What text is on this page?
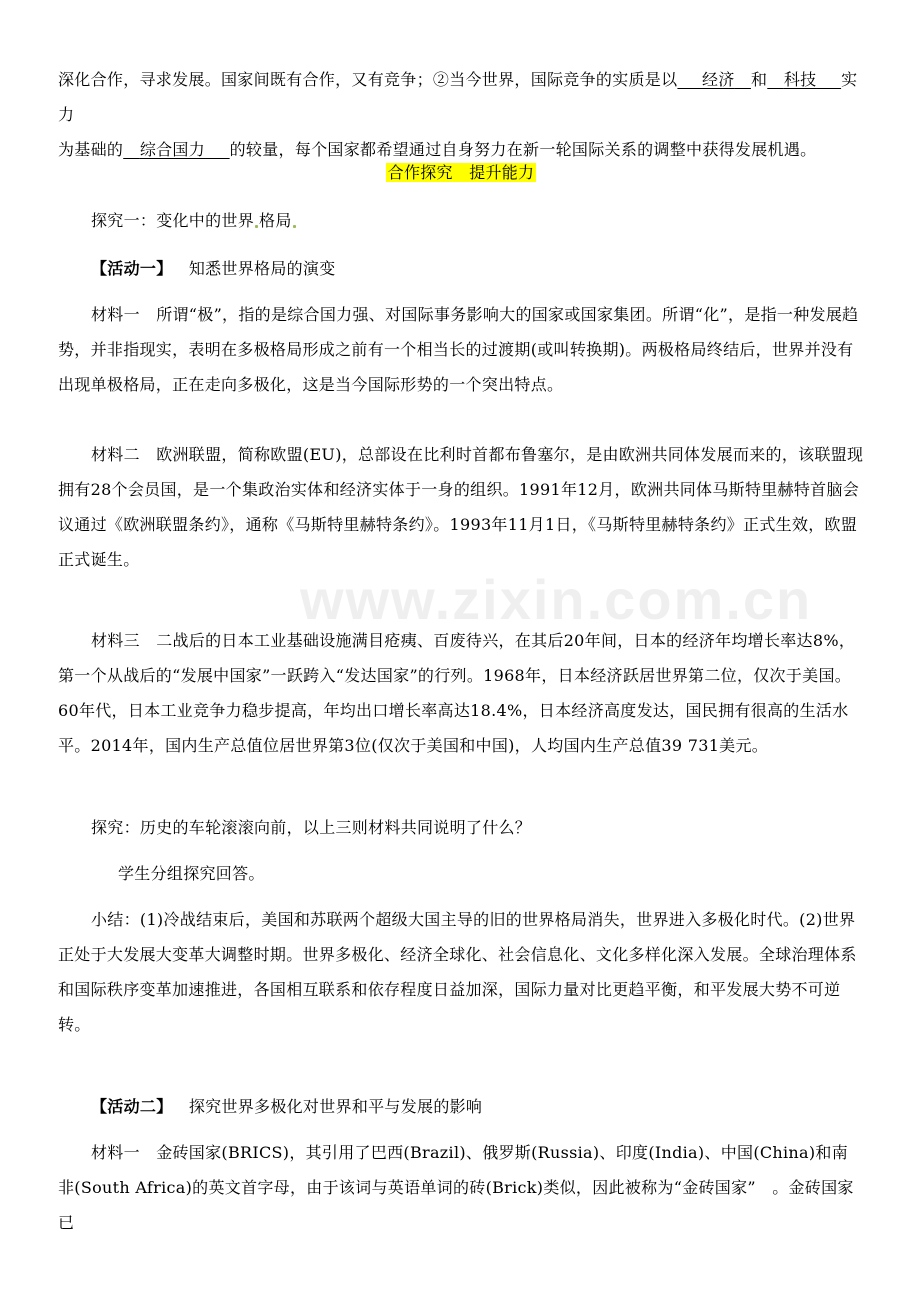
www.zixin.com.cn

深化合作，寻求发展。国家间既有合作，又有竞争；②当今世界，国际竞争的实质是以   经济  和   科技   实力
为基础的   综合国力   的较量，每个国家都希望通过自身努力在新一轮国际关系的调整中获得发展机遇。

合作探究　提升能力

探究一：变化中的世界 格局

【活动一】  知悉世界格局的演变

材料一　所谓“极”，指的是综合国力强、对国际事务影响大的国家或国家集团。所谓“化”，是指一种发展趋势，并非指现实，表明在多极格局形成之前有一个相当长的过渡期(或叫转换期)。两极格局终结后，世界并没有出现单极格局，正在走向多极化，这是当今国际形势的一个突出特点。

材料二　欧洲联盟，简称欧盟(EU)，总部设在比利时首都布鲁塞尔，是由欧洲共同体发展而来的，该联盟现拥有28个会员国，是一个集政治实体和经济实体于一身的组织。1991年12月，欧洲共同体马斯特里赫特首脑会议通过《欧洲联盟条约》，通称《马斯特里赫特条约》。1993年11月1日，《马斯特里赫特条约》正式生效，欧盟正式诞生。

材料三　二战后的日本工业基础设施满目疮痍、百废待兴，在其后20年间，日本的经济年均增长率达8%，第一个从战后的“发展中国家”一跃跨入“发达国家”的行列。1968年，日本经济跃居世界第二位，仅次于美国。60年代，日本工业竞争力稳步提高，年均出口增长率高达18.4%，日本经济高度发达，国民拥有很高的生活水平。2014年，国内生产总值位居世界第3位(仅次于美国和中国)，人均国内生产总值39 731美元。

探究：历史的车轮滚滚向前，以上三则材料共同说明了什么？

学生分组探究回答。

小结：(1)冷战结束后，美国和苏联两个超级大国主导的旧的世界格局消失，世界进入多极化时代。(2)世界正处于大发展大变革大调整时期。世界多极化、经济全球化、社会信息化、文化多样化深入发展。全球治理体系和国际秩序变革加速推进，各国相互联系和依存程度日益加深，国际力量对比更趋平衡，和平发展大势不可逆转。

【活动二】  探究世界多极化对世界和平与发展的影响

材料一　金砖国家(BRICS)，其引用了巴西(Brazil)、俄罗斯(Russia)、印度(India)、中国(China)和南非(South Africa)的英文首字母，由于该词与英语单词的砖(Brick)类似，因此被称为“金砖国家”　。金砖国家已
